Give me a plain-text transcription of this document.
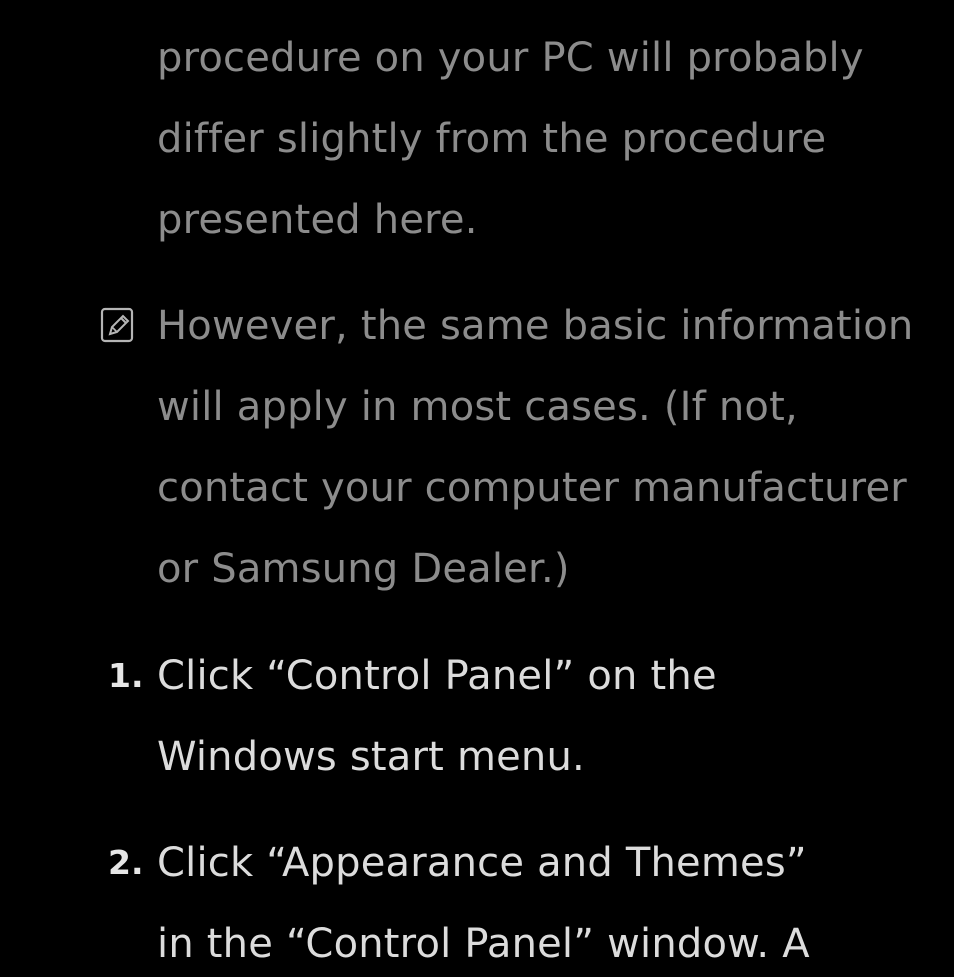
procedure on your PC will probably
differ slightly from the procedure
presented here.
However, the same basic information
will apply in most cases. (If not,
contact your computer manufacturer
or Samsung Dealer.)
1. Click “Control Panel” on the
Windows start menu.
2. Click “Appearance and Themes”
in the “Control Panel” window. A
